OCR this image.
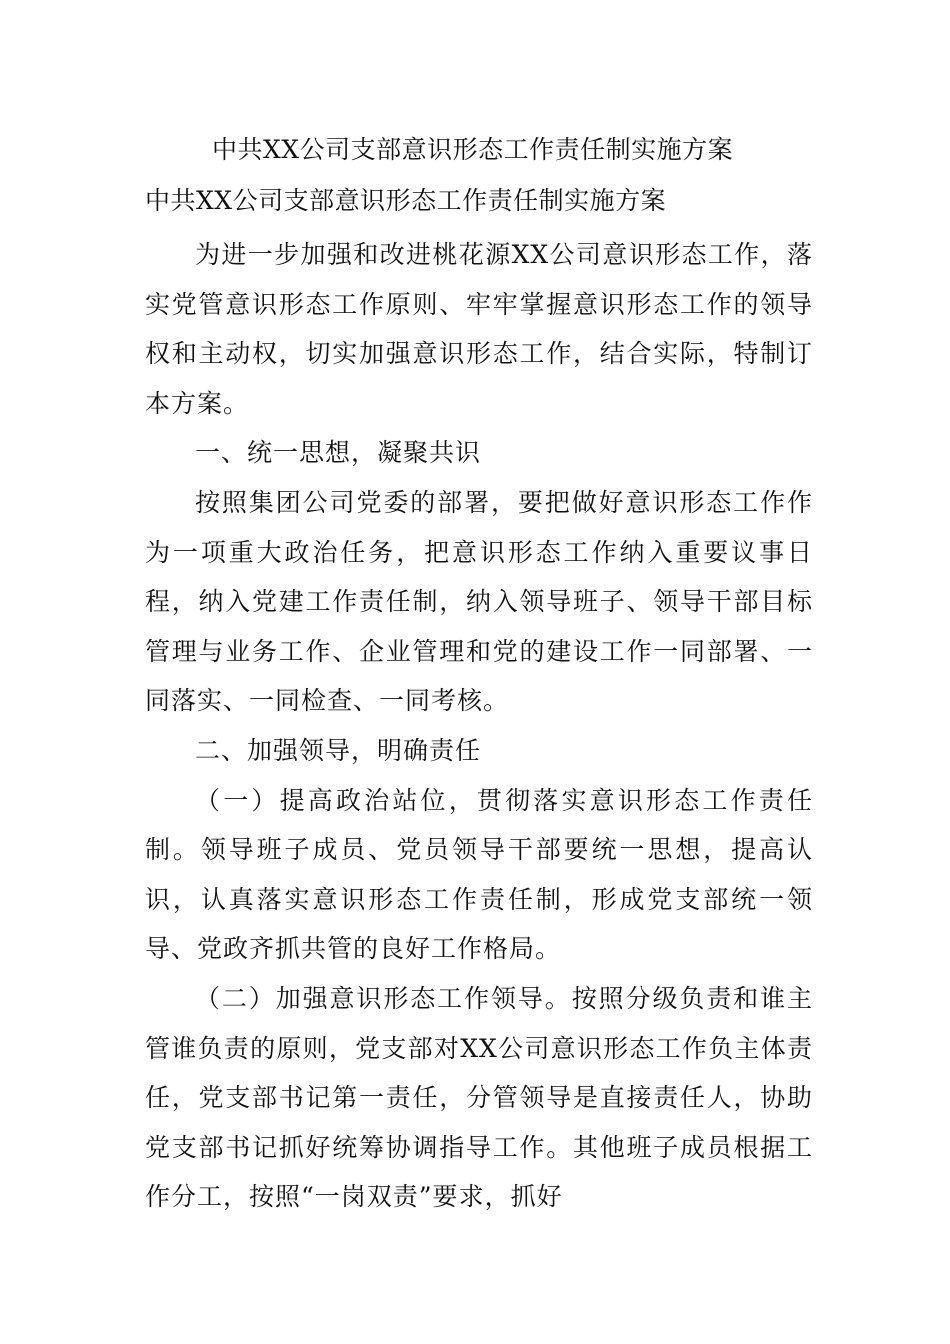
中共XX公司支部意识形态工作责任制实施方案
中共XX公司支部意识形态工作责任制实施方案

为进一步加强和改进桃花源XX公司意识形态工作，落实党管意识形态工作原则、牢牢掌握意识形态工作的领导权和主动权，切实加强意识形态工作，结合实际，特制订本方案。

一、统一思想，凝聚共识

按照集团公司党委的部署，要把做好意识形态工作作为一项重大政治任务，把意识形态工作纳入重要议事日程，纳入党建工作责任制，纳入领导班子、领导干部目标管理与业务工作、企业管理和党的建设工作一同部署、一同落实、一同检查、一同考核。

二、加强领导，明确责任

（一）提高政治站位，贯彻落实意识形态工作责任制。领导班子成员、党员领导干部要统一思想，提高认识，认真落实意识形态工作责任制，形成党支部统一领导、党政齐抓共管的良好工作格局。

（二）加强意识形态工作领导。按照分级负责和谁主管谁负责的原则，党支部对XX公司意识形态工作负主体责任，党支部书记第一责任，分管领导是直接责任人，协助党支部书记抓好统筹协调指导工作。其他班子成员根据工作分工，按照“一岗双责”要求，抓好
